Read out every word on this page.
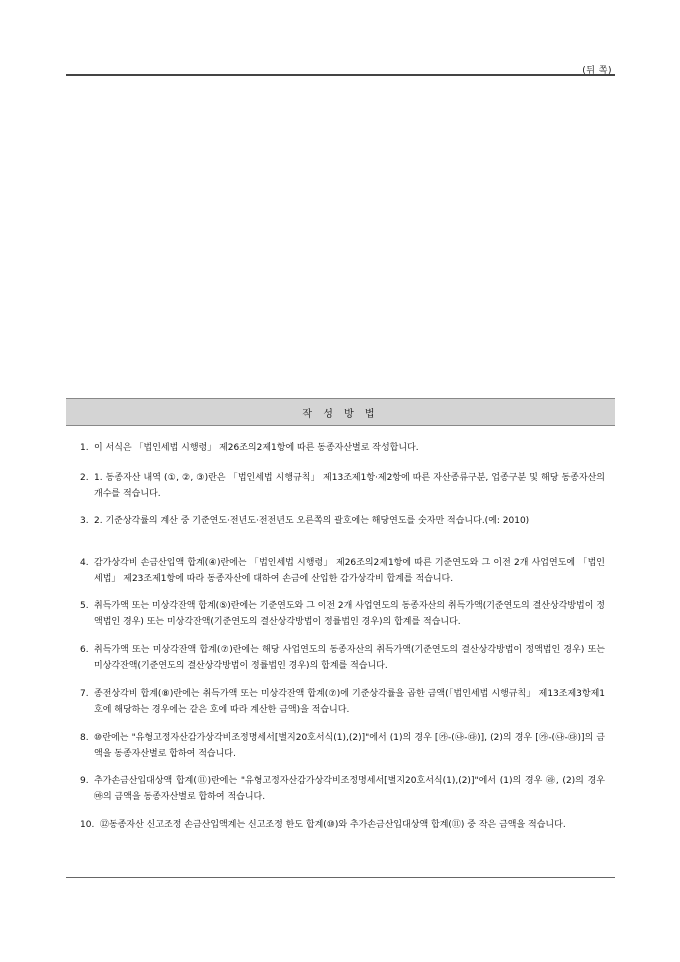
(뒤 쪽)
작 성 방 법
1. 이 서식은 「법인세법 시행령」 제26조의2제1항에 따른 동종자산별로 작성합니다.
2. 1. 동종자산 내역 (①, ②, ③)란은 「법인세법 시행규칙」 제13조제1항·제2항에 따른 자산종류구분, 업종구분 및 해당 동종자산의 개수를 적습니다.
3. 2. 기준상각률의 계산 중 기준연도·전년도·전전년도 오른쪽의 괄호에는 해당연도를 숫자만 적습니다.(예: 2010)
4. 감가상각비 손금산입액 합계(④)란에는 「법인세법 시행령」 제26조의2제1항에 따른 기준연도와 그 이전 2개 사업연도에 「법인세법」 제23조제1항에 따라 동종자산에 대하여 손금에 산입한 감가상각비 합계를 적습니다.
5. 취득가액 또는 미상각잔액 합계(⑤)란에는 기준연도와 그 이전 2개 사업연도의 동종자산의 취득가액(기준연도의 결산상각방법이 정액법인 경우) 또는 미상각잔액(기준연도의 결산상각방법이 정률법인 경우)의 합계를 적습니다.
6. 취득가액 또는 미상각잔액 합계(⑦)란에는 해당 사업연도의 동종자산의 취득가액(기준연도의 결산상각방법이 정액법인 경우) 또는 미상각잔액(기준연도의 결산상각방법이 정률법인 경우)의 합계를 적습니다.
7. 종전상각비 합계(⑧)란에는 취득가액 또는 미상각잔액 합계(⑦)에 기준상각률을 곱한 금액(「법인세법 시행규칙」 제13조제3항제1호에 해당하는 경우에는 같은 호에 따라 계산한 금액)을 적습니다.
8. ⑩란에는 "유형고정자산감가상각비조정명세서[별지20호서식(1),(2)]"에서 (1)의 경우 [㉮-(㉯-㉰)], (2)의 경우 [㉮-(㉯-㉰)]의 금액을 동종자산별로 합하여 적습니다.
9. 추가손금산입대상액 합계(⑪)란에는 "유형고정자산감가상각비조정명세서[별지20호서식(1),(2)]"에서 (1)의 경우 ㉱, (2)의 경우 ㉲의 금액을 동종자산별로 합하여 적습니다.
10. ⑫동종자산 신고조정 손금산입액계는 신고조정 한도 합계(⑩)와 추가손금산입대상액 합계(⑪) 중 작은 금액을 적습니다.
